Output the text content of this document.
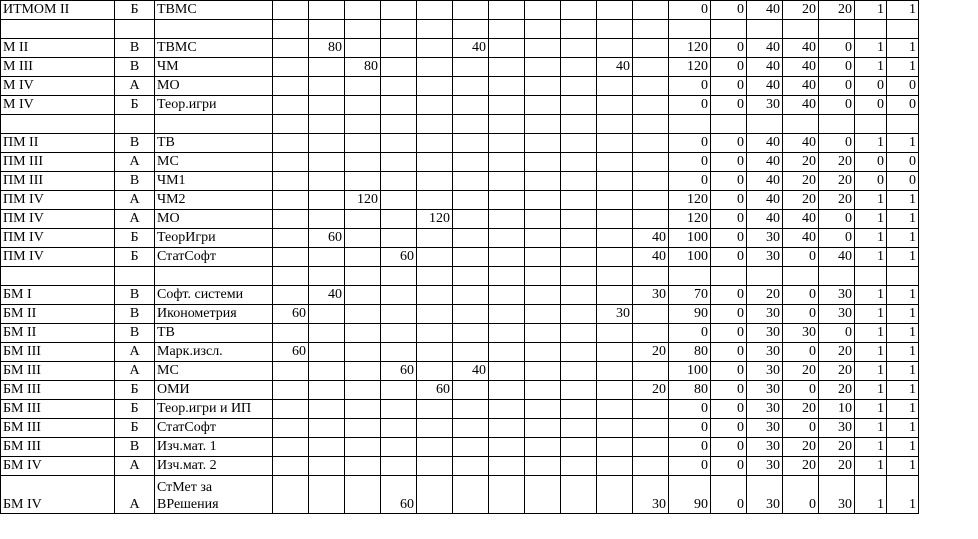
ИТМОМ II	Б	ТВМС												0	0	40	20	20	1	1

М II	В	ТВМС		80				40						120	0	40	40	0	1	1
М III	В	ЧМ			80							40		120	0	40	40	0	1	1
М IV	А	МО												0	0	40	40	0	0	0
М IV	Б	Теор.игри												0	0	30	40	0	0	0

ПМ II	В	ТВ												0	0	40	40	0	1	1
ПМ III	А	МС												0	0	40	20	20	0	0
ПМ III	В	ЧМ1												0	0	40	20	20	0	0
ПМ IV	А	ЧМ2			120									120	0	40	20	20	1	1
ПМ IV	А	МО					120							120	0	40	40	0	1	1
ПМ IV	Б	ТеорИгри		60									40	100	0	30	40	0	1	1
ПМ IV	Б	СтатСофт				60							40	100	0	30	0	40	1	1

БМ I	В	Софт. системи		40									30	70	0	20	0	30	1	1
БМ II	В	Иконометрия	60									30		90	0	30	0	30	1	1
БМ II	В	ТВ												0	0	30	30	0	1	1
БМ III	А	Марк.изсл.	60										20	80	0	30	0	20	1	1
БМ III	А	МС				60		40						100	0	30	20	20	1	1
БМ III	Б	ОМИ					60						20	80	0	30	0	20	1	1
БМ III	Б	Теор.игри и ИП												0	0	30	20	10	1	1
БМ III	Б	СтатСофт												0	0	30	0	30	1	1
БМ III	В	Изч.мат. 1												0	0	30	20	20	1	1
БМ IV	А	Изч.мат. 2												0	0	30	20	20	1	1
БМ IV	А	СтМет за ВРешения				60							30	90	0	30	0	30	1	1
